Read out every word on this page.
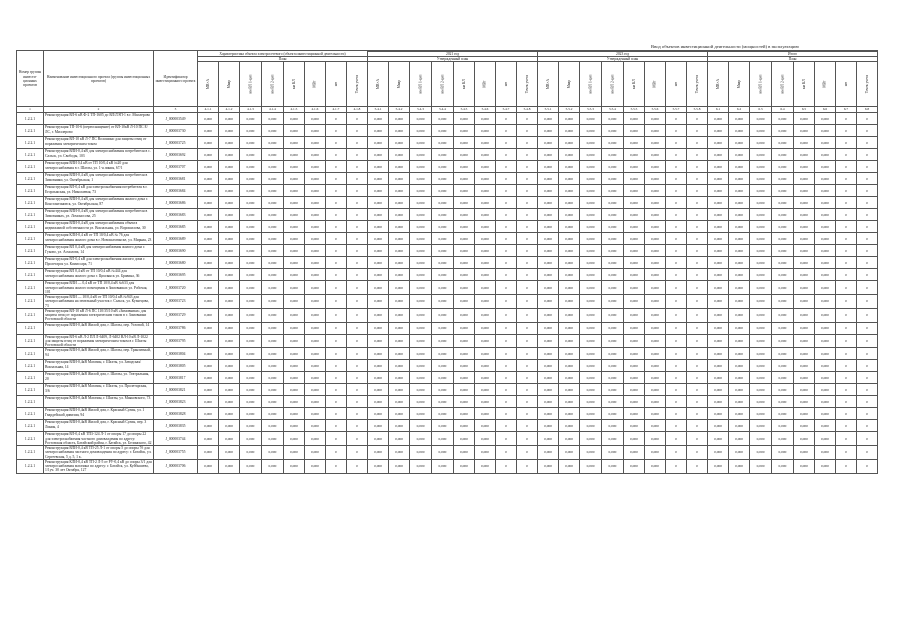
Ввод объектов инвестиционной деятельности (мощностей) в эксплуатацию
Номер группы инвести-ционных проектов	Наименование инвестиционного проекта (группы инвестиционных проектов)	Идентификатор инвестиционного проекта	Характеристика объекта электросетевого (объекта инвестиционной деятельности)																															
											2021 год								2023 год								Итого							
			План								Утвержденный план								Утвержденный план								План							
			МВ×А	Мвар	км ВЛ 1-цеп	км ВЛ 2-цеп	км КЛ	МВт	шт	Точек учета	МВ×А	Мвар	км ВЛ 1-цеп	км ВЛ 2-цеп	км КЛ	МВт	шт	Точек учета	МВ×А	Мвар	км ВЛ 1-цеп	км ВЛ 2-цеп	км КЛ	МВт	шт	Точек учета	МВ×А	Мвар	км ВЛ 1-цеп	км ВЛ 2-цеп	км КЛ	МВт	шт	Точек учета
1	2	3	4.1.1	4.1.2	4.1.3	4.1.4	4.1.5	4.1.6	4.1.7	4.1.8	5.4.1	5.4.2	5.4.3	5.4.4	5.4.5	5.4.6	5.4.7	5.4.8	5.5.1	5.5.2	5.5.3	5.5.4	5.5.5	5.5.6	5.5.7	5.5.8	6.1	6.2	6.3	6.4	6.5	6.6	6.7	6.8
1.2.2.1	Реконструкция ВЛ-6 кВ Ф-2 ТП-1605 до ВЛ/ЛЭП-1 в г. Миллерово	J_000003549	0,000	0,000	0,000	0,000	0,000	0,000	0	0	0,000	0,000	0,000	0,000	0,000	0,000	0	0	0,000	0,000	0,000	0,000	0,000	0,000	0	0	0,000	0,000	0,000	0,000	0,000	0,000	0	0
1.2.2.1	Реконструкция ТП-10-6 (переоснащение) от ВЛ-10кВ Л-10 ПС Е/ЛС, г. Миллерово	J_000003730	0,000	0,000	0,000	0,000	0,000	0,000	0	0	0,000	0,000	0,000	0,000	0,000	0,000	0	0	0,000	0,000	0,000	0,000	0,000	0,000	0	0	0,000	0,000	0,000	0,000	0,000	0,000	0	0
1.2.2.1	Реконструкция ВЛ-10 кВ Л-7 ПС Волошино для защиты птиц от поражения электрическим током	J_000003725	0,000	0,000	0,000	0,000	0,000	0,000	0	0	0,000	0,000	0,000	0,000	0,000	0,000	0	0	0,000	0,000	0,000	0,000	0,000	0,000	0	0	0,000	0,000	0,000	0,000	0,000	0,000	0	0
1.2.2.1	Реконструкция ВЛИ-0,4 кВ для электроснабжения потребителя в с. Сальск, ул. Свободы, 103	J_000003692	0,000	0,000	0,000	0,000	0,000	0,000	0	0	0,000	0,000	0,000	0,000	0,000	0,000	0	0	0,000	0,000	0,000	0,000	0,000	0,000	0	0	0,000	0,000	0,000	0,000	0,000	0,000	0	0
1.2.2.1	Реконструкция ВЛИ 0,4 кВ от ТП 10/0,4 кВ №20 для электроснабжения в г. Шахты, ул. 1-я линия, 67/1	J_000003707	0,000	0,000	0,000	0,000	0,000	0,000	0	0	0,000	0,000	0,000	0,000	0,000	0,000	0	0	0,000	0,000	0,000	0,000	0,000	0,000	0	0	0,000	0,000	0,000	0,000	0,000	0,000	0	0
1.2.2.1	Реконструкция ВЛИ-0,4 кВ для электроснабжения потребителя в Зимовники, ул. Октябрьская, 1	J_000003681	0,000	0,000	0,000	0,000	0,000	0,000	0	0	0,000	0,000	0,000	0,000	0,000	0,000	0	0	0,000	0,000	0,000	0,000	0,000	0,000	0	0	0,000	0,000	0,000	0,000	0,000	0,000	0	0
1.2.2.1	Реконструкция ВЛ-0,4 кВ для электроснабжения потребителя в г. Егорлыкская, ул. Николаевая, 73	J_000003684	0,000	0,000	0,000	0,000	0,000	0,000	0	0	0,000	0,000	0,000	0,000	0,000	0,000	0	0	0,000	0,000	0,000	0,000	0,000	0,000	0	0	0,000	0,000	0,000	0,000	0,000	0,000	0	0
1.2.2.1	Реконструкция ВЛИ-0,4 кВ для электроснабжения жилого дома г. Константиновск, ул. Октябрьская, 87	J_000003686	0,000	0,000	0,000	0,000	0,000	0,000	0	0	0,000	0,000	0,000	0,000	0,000	0,000	0	0	0,000	0,000	0,000	0,000	0,000	0,000	0	0	0,000	0,000	0,000	0,000	0,000	0,000	0	0
1.2.2.1	Реконструкция ВЛИ-0,4 кВ для электроснабжения потребителя в Зимовниках, ул. Ломоносова, 25	J_000003683	0,000	0,000	0,000	0,000	0,000	0,000	0	0	0,000	0,000	0,000	0,000	0,000	0,000	0	0	0,000	0,000	0,000	0,000	0,000	0,000	0	0	0,000	0,000	0,000	0,000	0,000	0,000	0	0
1.2.2.1	Реконструкция ВЛИ-0,4 кВ для электроснабжения объекта недвижимой собственности ул. Вокзальная, ул. Ворошилова, 30	J_000003685	0,000	0,000	0,000	0,000	0,000	0,000	0	0	0,000	0,000	0,000	0,000	0,000	0,000	0	0	0,000	0,000	0,000	0,000	0,000	0,000	0	0	0,000	0,000	0,000	0,000	0,000	0,000	0	0
1.2.2.1	Реконструкция КЛИ-0,4 кВ от ТП 10/0,4 кВ № 76 для электроснабжения жилого дома в г. Новошахтинске, ул. Мирная, 23	J_000003689	0,000	0,000	0,000	0,000	0,000	0,000	0	0	0,000	0,000	0,000	0,000	0,000	0,000	0	0	0,000	0,000	0,000	0,000	0,000	0,000	0	0	0,000	0,000	0,000	0,000	0,000	0,000	0	0
1.2.2.1	Реконструкция ВЛ 0,4 кВ для электроснабжения жилого дома г. Гуково, ул. Асмолова, 14	J_000003690	0,000	0,000	0,000	0,000	0,000	0,000	0	0	0,000	0,000	0,000	0,000	0,000	0,000	0	0	0,000	0,000	0,000	0,000	0,000	0,000	0	0	0,000	0,000	0,000	0,000	0,000	0,000	0	0
1.2.2.1	Реконструкция ВЛ-0,4 кВ для электроснабжения жилого дома г. Пролетарск ул. Комиссара, 71	J_000003680	0,000	0,000	0,000	0,000	0,000	0,000	0	0	0,000	0,000	0,000	0,000	0,000	0,000	0	0	0,000	0,000	0,000	0,000	0,000	0,000	0	0	0,000	0,000	0,000	0,000	0,000	0,000	0	0
1.2.2.1	Реконструкция ВЛ 0,4 кВ от ТП 10/0,4 кВ №444 для электроснабжения жилого дома г. Цимлянск ул. Бравина, 36	J_000003695	0,000	0,000	0,000	0,000	0,000	0,000	0	0	0,000	0,000	0,000	0,000	0,000	0,000	0	0	0,000	0,000	0,000	0,000	0,000	0,000	0	0	0,000	0,000	0,000	0,000	0,000	0,000	0	0
1.2.2.1	Реконструкция ВЛИ — 0,4 кВ от ТП 10/0,4 кВ №633 для электроснабжения жилого помещения в Зимовниках ул. Рабочая, 101	J_000003720	0,000	0,000	0,000	0,000	0,000	0,000	0	0	0,000	0,000	0,000	0,000	0,000	0,000	0	0	0,000	0,000	0,000	0,000	0,000	0,000	0	0	0,000	0,000	0,000	0,000	0,000	0,000	0	0
1.2.2.1	Реконструкция ВЛИ — 10/0,4 кВ от ТП 10/0,4 кВ №943 для электроснабжения на земельный участок г. Сальск, ул. Кузнецова, 73	J_000003723	0,000	0,000	0,000	0,000	0,000	0,000	0	0	0,000	0,000	0,000	0,000	0,000	0,000	0	0	0,000	0,000	0,000	0,000	0,000	0,000	0	0	0,000	0,000	0,000	0,000	0,000	0,000	0	0
1.2.2.1	Реконструкция ВЛ-10 кВ Л-6 ПС 110/35/10 кВ «Зимовники» для защиты птиц от поражения электрическим током в г. Зимовники Ростовской области	J_000003729	0,000	0,000	0,000	0,000	0,000	0,000	0	0	0,000	0,000	0,000	0,000	0,000	0,000	0	0	0,000	0,000	0,000	0,000	0,000	0,000	0	0	0,000	0,000	0,000	0,000	0,000	0,000	0	0
1.2.2.1	Реконструкция ВЛИ-0,4кВ Жилой дом, г. Шахты, пер. Угловой, 14	J_000003786	0,000	0,000	0,000	0,000	0,000	0,000	0	0	0,000	0,000	0,000	0,000	0,000	0,000	0	0	0,000	0,000	0,000	0,000	0,000	0,000	0	0	0,000	0,000	0,000	0,000	0,000	0,000	0	0
1.2.2.1	Реконструкция ВЛ-6 кВ Л-2 ПЛ Л-6409, Л-6402 ВЛ-10 кВ Л-1022 для защиты птиц от поражения электрическим током в г. Шахты Ростовской области	J_000003795	0,000	0,000	0,000	0,000	0,000	0,000	0	0	0,000	0,000	0,000	0,000	0,000	0,000	0	0	0,000	0,000	0,000	0,000	0,000	0,000	0	0	0,000	0,000	0,000	0,000	0,000	0,000	0	0
1.2.2.1	Реконструкция ВЛИ-0,4кВ Жилой дом, г. Шахты, пер. Транзитный, 94	J_000003804	0,000	0,000	0,000	0,000	0,000	0,000	0	0	0,000	0,000	0,000	0,000	0,000	0,000	0	0	0,000	0,000	0,000	0,000	0,000	0,000	0	0	0,000	0,000	0,000	0,000	0,000	0,000	0	0
1.2.2.1	Реконструкция ВЛИ-0,4кВ Магазин, г. Шахты, ул. Заводская/Вокзальная, 14	J_000003805	0,000	0,000	0,000	0,000	0,000	0,000	0	0	0,000	0,000	0,000	0,000	0,000	0,000	0	0	0,000	0,000	0,000	0,000	0,000	0,000	0	0	0,000	0,000	0,000	0,000	0,000	0,000	0	0
1.2.2.1	Реконструкция ВЛИ-0,4кВ Жилой дом, г. Шахты, ул. Театральная, 20	J_000003817	0,000	0,000	0,000	0,000	0,000	0,000	0	0	0,000	0,000	0,000	0,000	0,000	0,000	0	0	0,000	0,000	0,000	0,000	0,000	0,000	0	0	0,000	0,000	0,000	0,000	0,000	0,000	0	0
1.2.2.1	Реконструкция ВЛИ-0,4кВ Магазин, г. Шахты, ул. Пролетарская, 3/6	J_000003821	0,000	0,000	0,000	0,000	0,000	0,000	0	0	0,000	0,000	0,000	0,000	0,000	0,000	0	0	0,000	0,000	0,000	0,000	0,000	0,000	0	0	0,000	0,000	0,000	0,000	0,000	0,000	0	0
1.2.2.1	Реконструкция КЛИ-0,4кВ Магазин, г. Шахты, ул. Маяковского, 73	J_000003823	0,000	0,000	0,000	0,000	0,000	0,000	0	0	0,000	0,000	0,000	0,000	0,000	0,000	0	0	0,000	0,000	0,000	0,000	0,000	0,000	0	0	0,000	0,000	0,000	0,000	0,000	0,000	0	0
1.2.2.1	Реконструкция ВЛИ-0,4кВ Жилой дом, г. Красный Сулин, ул. 1 Гвардейской дивизии, 94	J_000003828	0,000	0,000	0,000	0,000	0,000	0,000	0	0	0,000	0,000	0,000	0,000	0,000	0,000	0	0	0,000	0,000	0,000	0,000	0,000	0,000	0	0	0,000	0,000	0,000	0,000	0,000	0,000	0	0
1.2.2.1	Реконструкция ВЛИ-0,4кВ Жилой дом, г. Красный Сулин, пер. 3 Линия, 4	J_000003835	0,000	0,000	0,000	0,000	0,000	0,000	0	0	0,000	0,000	0,000	0,000	0,000	0,000	0	0	0,000	0,000	0,000	0,000	0,000	0,000	0	0	0,000	0,000	0,000	0,000	0,000	0,000	0	0
1.2.2.1	Реконструкция ВЛ-0,4 кВ ТП3-124 Л-1 от опоры 17 до опоры 22 для электроснабжения частного домовладения по адресу: Ростовская область, Батайский район, г. Батайск, ул. Белинского, 42	J_000003744	0,000	0,000	0,000	0,000	0,000	0,000	0	0	0,000	0,000	0,000	0,000	0,000	0,000	0	0	0,000	0,000	0,000	0,000	0,000	0,000	0	0	0,000	0,000	0,000	0,000	0,000	0,000	0	0
1.2.2.1	Реконструкция ВЛИ-0,4 кВ ТП-25 Л-1 от опоры 5 до опоры 7б для электроснабжения частного домовладения по адресу: г. Батайск, ул. Сергеевская, 5 д. 5, 1 к.	J_000003755	0,000	0,000	0,000	0,000	0,000	0,000	0	0	0,000	0,000	0,000	0,000	0,000	0,000	0	0	0,000	0,000	0,000	0,000	0,000	0,000	0	0	0,000	0,000	0,000	0,000	0,000	0,000	0	0
1.2.2.1	Реконструкция КЛИ-0,4 кВ ТП-2 Л-5 от РУ-0,4 кВ до опоры 3/1 для электроснабжения магазина по адресу: г. Батайск, ул. Куйбышева, 1/1уч. 30 лет Октября, 127	J_000003706	0,000	0,000	0,000	0,000	0,000	0,000	0	0	0,000	0,000	0,000	0,000	0,000	0,000	0	0	0,000	0,000	0,000	0,000	0,000	0,000	0	0	0,000	0,000	0,000	0,000	0,000	0,000	0	0
